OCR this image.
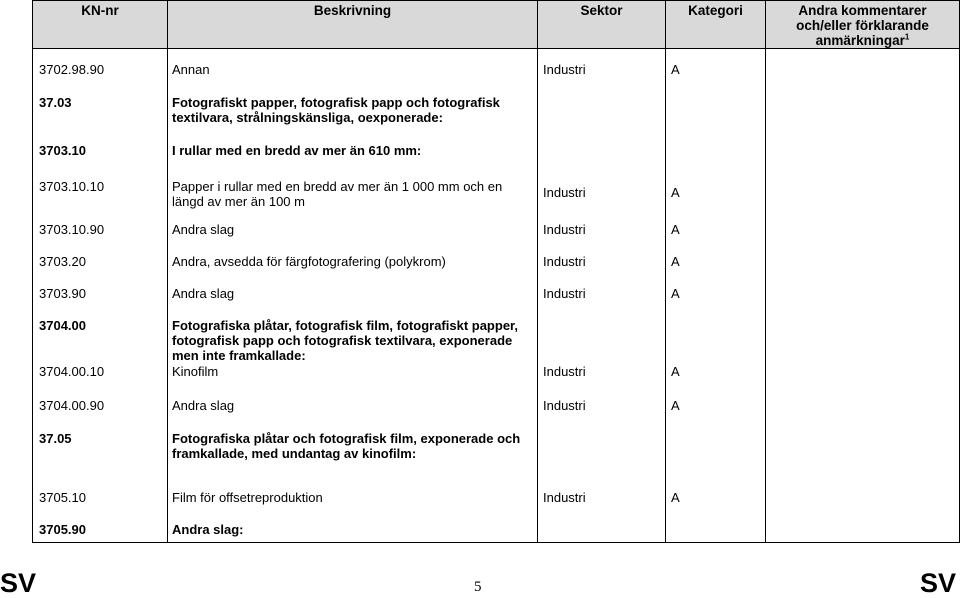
KN-nr	Beskrivning	Sektor	Kategori	Andra kommentarer och/eller förklarande anmärkningar$^1$
3702.98.90	Annan	Industri	A	
37.03	Fotografiskt papper, fotografisk papp och fotografisk textilvara, strålningskänsliga, oexponerade:			
3703.10	I rullar med en bredd av mer än 610 mm:			
3703.10.10	Papper i rullar med en bredd av mer än 1 000 mm och en längd av mer än 100 m	Industri	A	
3703.10.90	Andra slag	Industri	A	
3703.20	Andra, avsedda för färgfotografering (polykrom)	Industri	A	
3703.90	Andra slag	Industri	A	
3704.00	Fotografiska plåtar, fotografisk film, fotografiskt papper, fotografisk papp och fotografisk textilvara, exponerade men inte framkallade:			
3704.00.10	Kinofilm	Industri	A	
3704.00.90	Andra slag	Industri	A	
37.05	Fotografiska plåtar och fotografisk film, exponerade och framkallade, med undantag av kinofilm:			
3705.10	Film för offsetreproduktion	Industri	A	
3705.90	Andra slag:			
SV	5	SV
